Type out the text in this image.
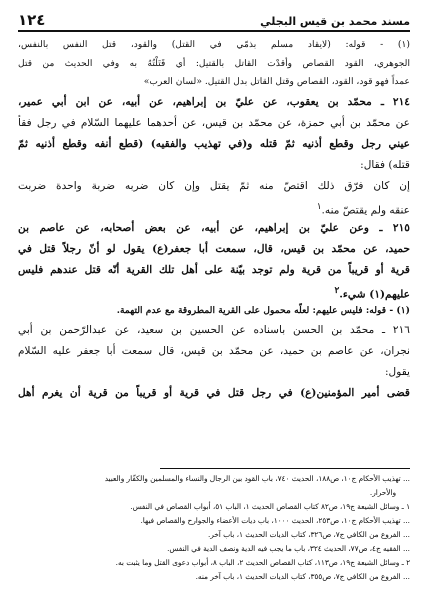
مسند محمد بن قيس البجلي
١٢٤
(١) - قوله: (لايقاد مسلم بذمّي في القتل) والقود، قتل النفس بالنفس،
الجوهري، القود القصاص وأقدْت القاتل بالقتيل: أي قَتَلْتُهُ به وفي الحديث من قتل
عمداً فهو قود، القود، القصاص وقتل القاتل بدل القتيل. «لسان العرب»
٢١٤ ـ محمّد بن يعقوب، عن عليّ بن إبراهيم، عن أبيه، عن ابن أبي عمير،
عن محمّد بن أبي حمزة، عن محمّد بن قيس، عن أحدهما عليهما السّلام في رجل فقأ
عيني رجل وقطع أذنيه ثمّ قتله و(في تهذيب والفقيه) (قطع أنفه وقطع أذنيه ثمّ
قتله) فقال:
إن كان فرّق ذلك اقتصّ منه ثمّ يقتل وإن كان ضربه ضربة واحدة ضربت
عنقه ولم يقتصّ منه.$^١$
٢١٥ ـ وعن عليّ بن إبراهيم، عن أبيه، عن بعض أصحابه، عن عاصم بن
حميد، عن محمّد بن قيس، قال، سمعت أبا جعفر(ع) يقول لو أنّ رجلاً قتل في
قرية أو قريباً من قرية ولم توجد بيّنة على أهل تلك القرية أنّه قتل عندهم فليس
عليهم(١) شيء.$^٢$
(١) - قوله: فليس عليهم: لعلّه محمول على القرية المطروقة مع عدم التهمة.
٢١٦ ـ محمّد بن الحسن باسناده عن الحسين بن سعيد، عن عبدالرّحمن بن أبي
نجران، عن عاصم بن حميد، عن محمّد بن قيس، قال سمعت أبا جعفر عليه السّلام
يقول:
قضى أمير المؤمنين(ع) في رجل قتل في قرية أو قريباً من قرية أن يغرم أهل
... تهذيب الأحكام ج١٠، ص١٨٨، الحديث ٧٤٠، باب القود بين الرجال والنساء والمسلمين والكفّار والعبيد
والأحرار.
١ ـ وسائل الشيعة ج١٩، ص٨٢ كتاب القصاص الحديث ١، الباب ٥١، أبواب القصاص في النفس.
... تهذيب الأحكام ج١٠، ص٢٥٣، الحديث ١٠٠٠، باب ديات الأعضاء والجوارح والقصاص فيها.
... الفروع من الكافي ج٧، ص٣٢٦، كتاب الديات الحديث ١، باب آخر.
... الفقيه ج٤، ص٧٧، الحديث ٣٢٤، باب ما يجب فيه الدية ونصف الدية في النفس.
٢ ـ وسائل الشيعة ج١٩، ص١١٣، كتاب القصاص الحديث ٢، الباب ٨، أبواب دعوى القتل وما يثبت به.
... الفروع من الكافي ج٧، ص٣٥٥، كتاب الديات الحديث ١، باب آخر منه.
